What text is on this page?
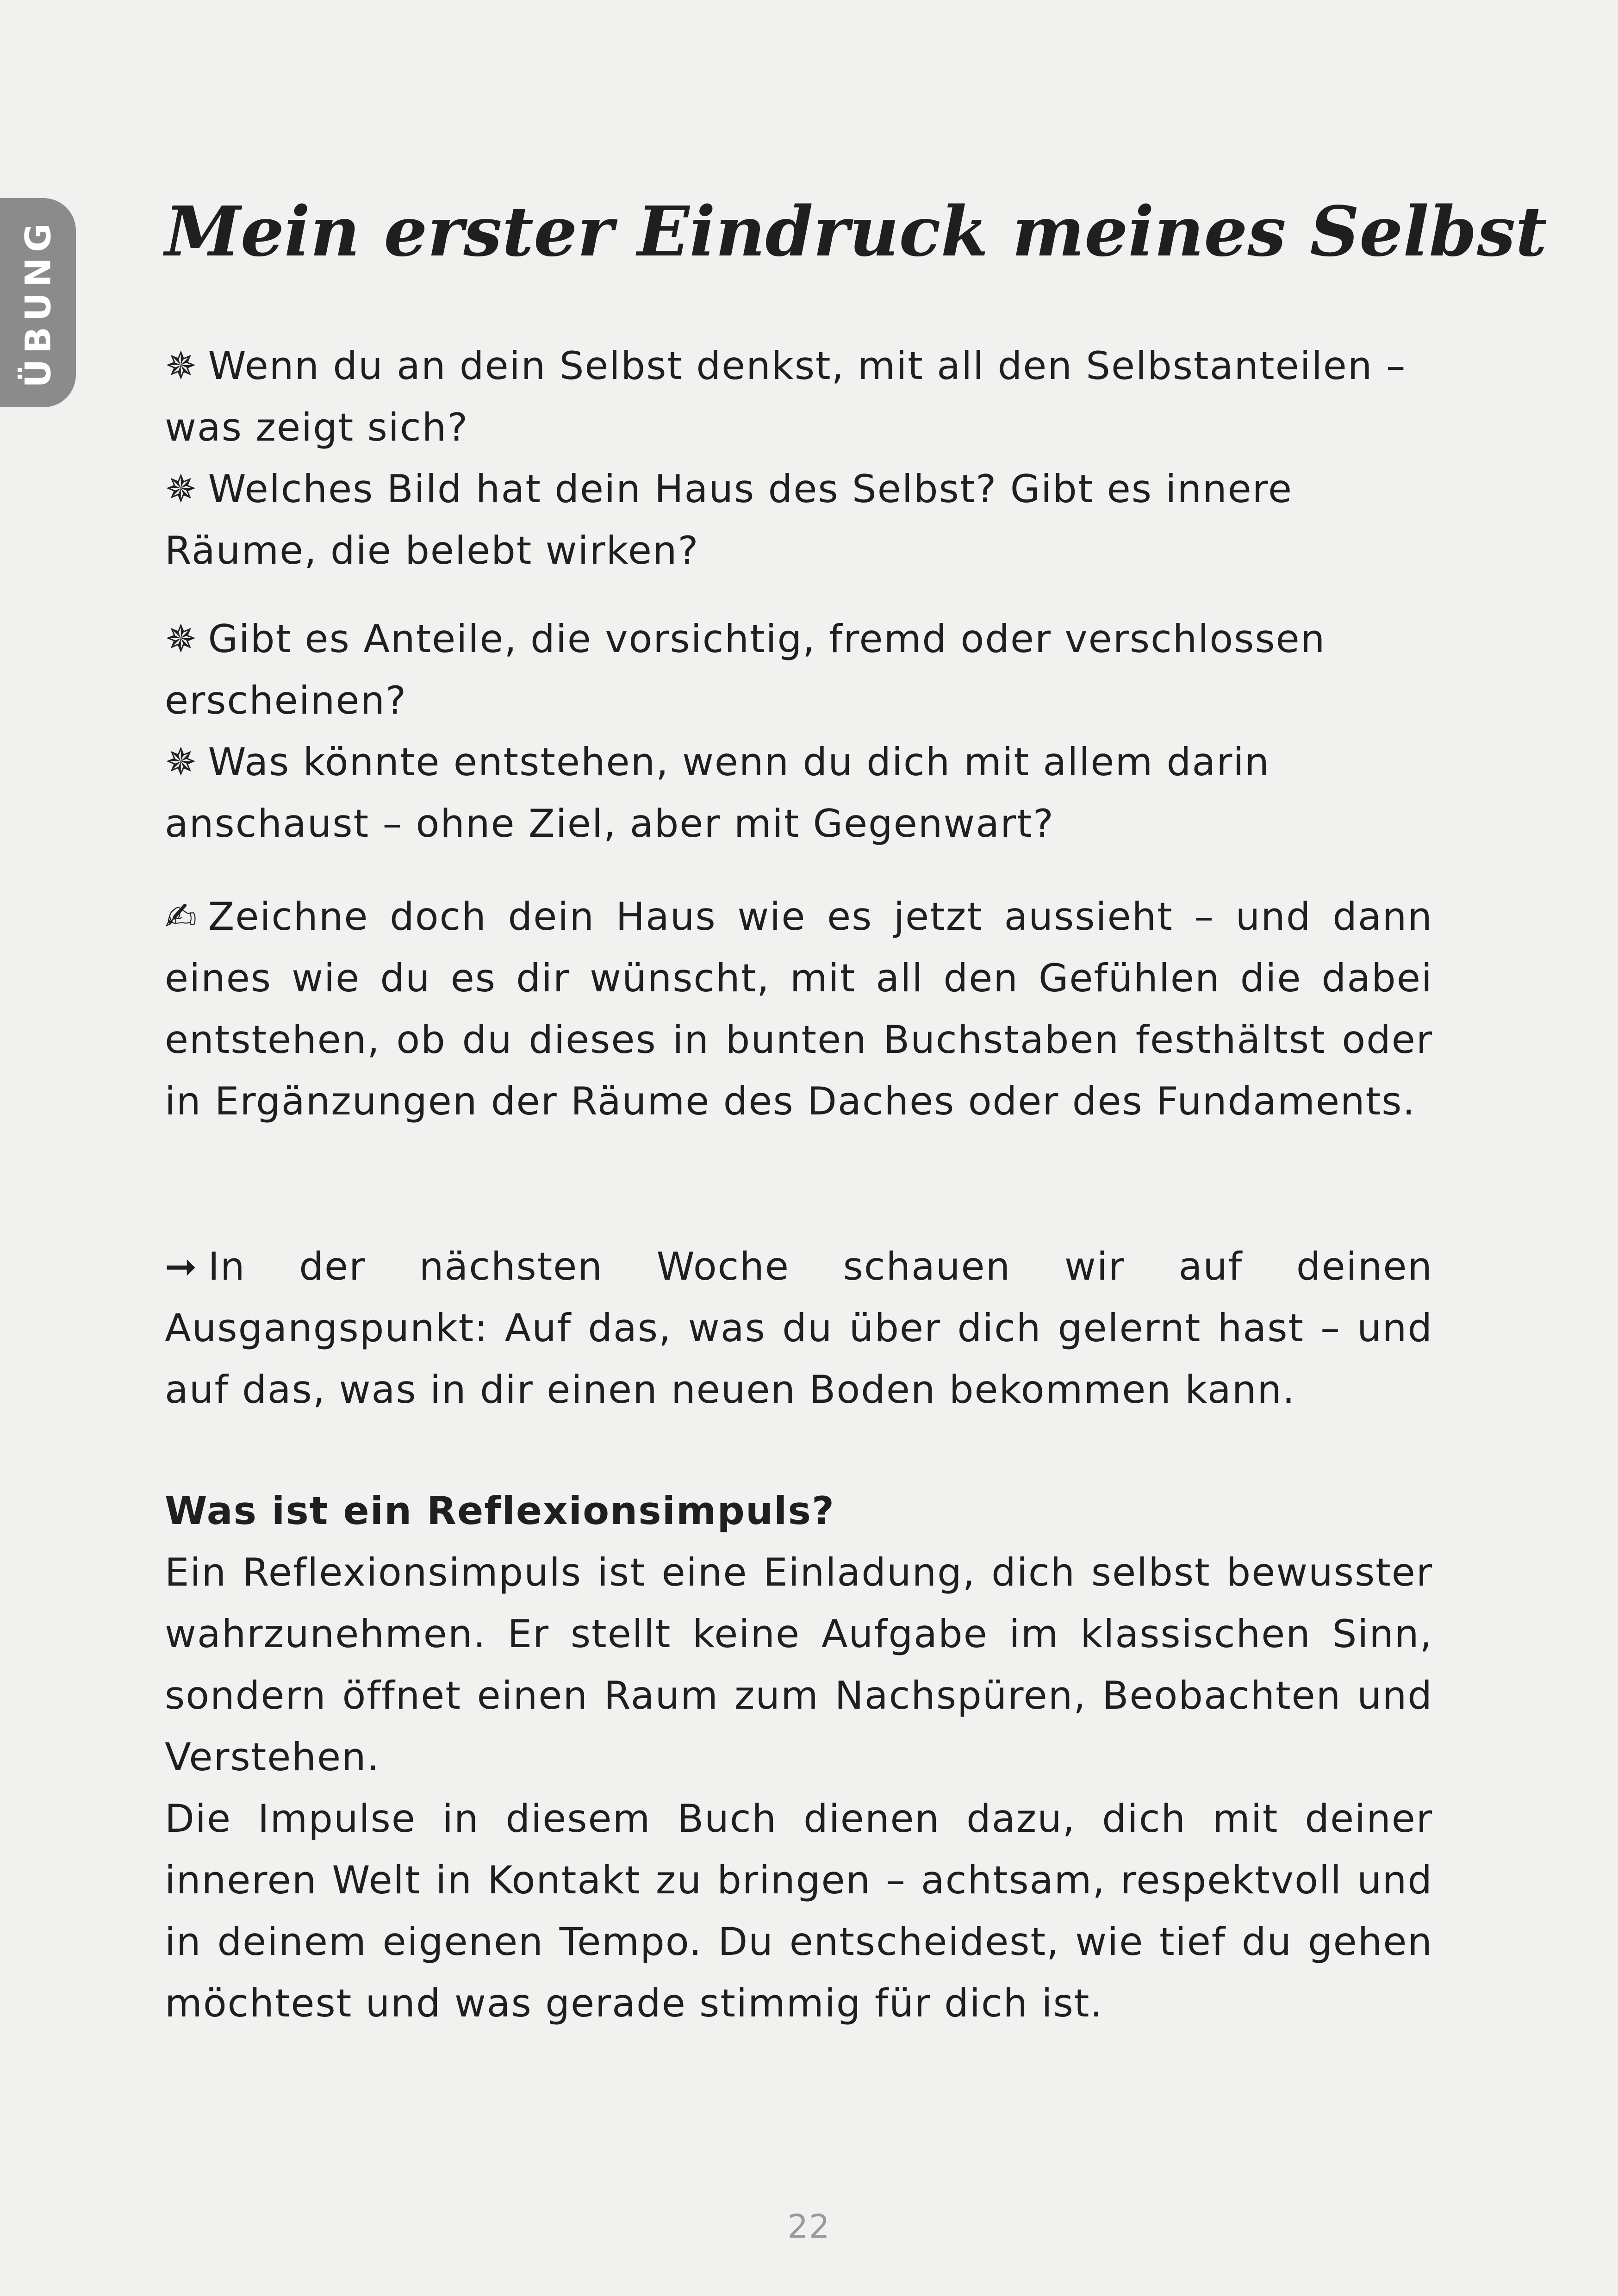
ÜBUNG Mein erster Eindruck meines Selbst

✵ Wenn du an dein Selbst denkst, mit all den Selbstanteilen – was zeigt sich?

✵ Welches Bild hat dein Haus des Selbst? Gibt es innere Räume, die belebt wirken?

✵ Gibt es Anteile, die vorsichtig, fremd oder verschlossen erscheinen?

✵ Was könnte entstehen, wenn du dich mit allem darin anschaust – ohne Ziel, aber mit Gegenwart?

✍ Zeichne doch dein Haus wie es jetzt aussieht – und dann eines wie du es dir wünscht, mit all den Gefühlen die dabei entstehen, ob du dieses in bunten Buchstaben festhältst oder in Ergänzungen der Räume des Daches oder des Fundaments.

➞ In der nächsten Woche schauen wir auf deinen Ausgangspunkt: Auf das, was du über dich gelernt hast – und auf das, was in dir einen neuen Boden bekommen kann.

Was ist ein Reflexionsimpuls?

Ein Reflexionsimpuls ist eine Einladung, dich selbst bewusster wahrzunehmen. Er stellt keine Aufgabe im klassischen Sinn, sondern öffnet einen Raum zum Nachspüren, Beobachten und Verstehen.

Die Impulse in diesem Buch dienen dazu, dich mit deiner inneren Welt in Kontakt zu bringen – achtsam, respektvoll und in deinem eigenen Tempo. Du entscheidest, wie tief du gehen möchtest und was gerade stimmig für dich ist.

22
